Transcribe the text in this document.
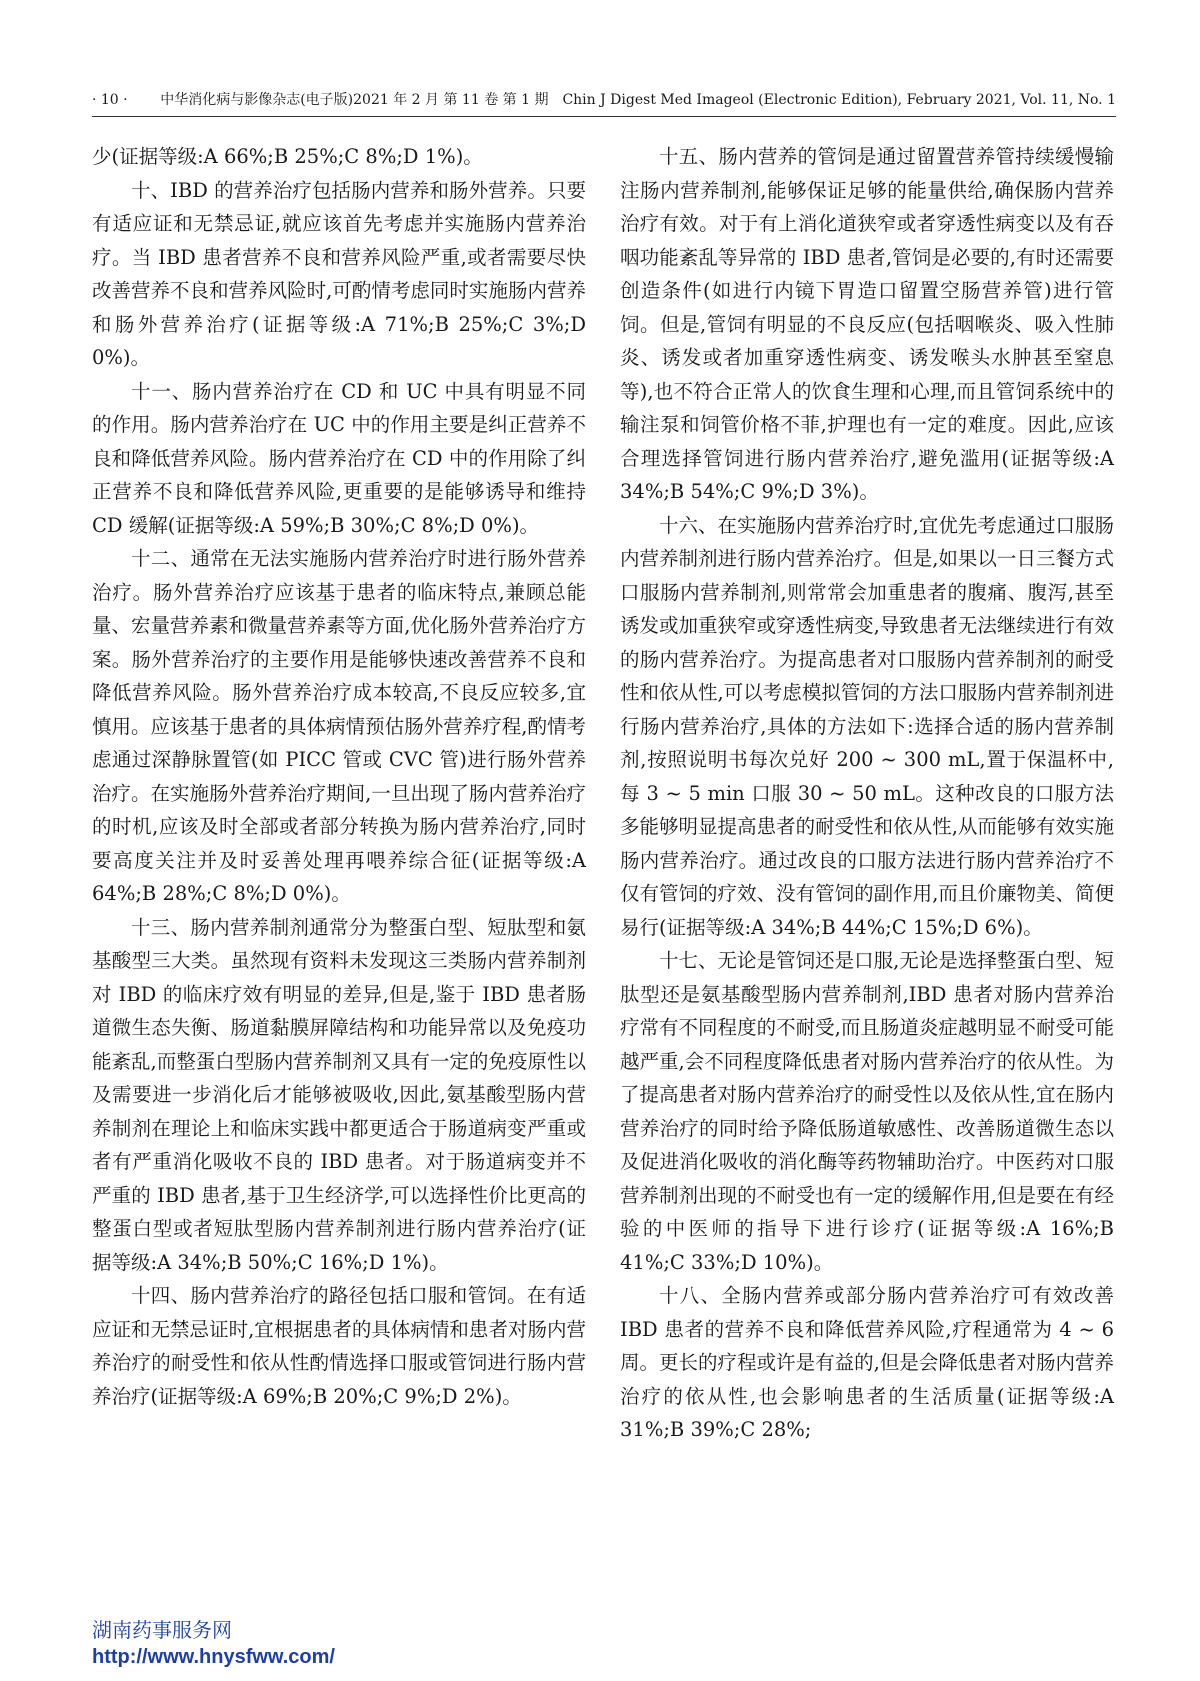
· 10 · 中华消化病与影像杂志(电子版)2021 年 2 月 第 11 卷 第 1 期　Chin J Digest Med Imageol (Electronic Edition), February 2021, Vol. 11, No. 1

少(证据等级:A 66%;B 25%;C 8%;D 1%)。

十、IBD 的营养治疗包括肠内营养和肠外营养。只要有适应证和无禁忌证,就应该首先考虑并实施肠内营养治疗。当 IBD 患者营养不良和营养风险严重,或者需要尽快改善营养不良和营养风险时,可酌情考虑同时实施肠内营养和肠外营养治疗(证据等级:A 71%;B 25%;C 3%;D 0%)。

十一、肠内营养治疗在 CD 和 UC 中具有明显不同的作用。肠内营养治疗在 UC 中的作用主要是纠正营养不良和降低营养风险。肠内营养治疗在 CD 中的作用除了纠正营养不良和降低营养风险,更重要的是能够诱导和维持 CD 缓解(证据等级:A 59%;B 30%;C 8%;D 0%)。

十二、通常在无法实施肠内营养治疗时进行肠外营养治疗。肠外营养治疗应该基于患者的临床特点,兼顾总能量、宏量营养素和微量营养素等方面,优化肠外营养治疗方案。肠外营养治疗的主要作用是能够快速改善营养不良和降低营养风险。肠外营养治疗成本较高,不良反应较多,宜慎用。应该基于患者的具体病情预估肠外营养疗程,酌情考虑通过深静脉置管(如 PICC 管或 CVC 管)进行肠外营养治疗。在实施肠外营养治疗期间,一旦出现了肠内营养治疗的时机,应该及时全部或者部分转换为肠内营养治疗,同时要高度关注并及时妥善处理再喂养综合征(证据等级:A 64%;B 28%;C 8%;D 0%)。

十三、肠内营养制剂通常分为整蛋白型、短肽型和氨基酸型三大类。虽然现有资料未发现这三类肠内营养制剂对 IBD 的临床疗效有明显的差异,但是,鉴于 IBD 患者肠道微生态失衡、肠道黏膜屏障结构和功能异常以及免疫功能紊乱,而整蛋白型肠内营养制剂又具有一定的免疫原性以及需要进一步消化后才能够被吸收,因此,氨基酸型肠内营养制剂在理论上和临床实践中都更适合于肠道病变严重或者有严重消化吸收不良的 IBD 患者。对于肠道病变并不严重的 IBD 患者,基于卫生经济学,可以选择性价比更高的整蛋白型或者短肽型肠内营养制剂进行肠内营养治疗(证据等级:A 34%;B 50%;C 16%;D 1%)。

十四、肠内营养治疗的路径包括口服和管饲。在有适应证和无禁忌证时,宜根据患者的具体病情和患者对肠内营养治疗的耐受性和依从性酌情选择口服或管饲进行肠内营养治疗(证据等级:A 69%;B 20%;C 9%;D 2%)。

十五、肠内营养的管饲是通过留置营养管持续缓慢输注肠内营养制剂,能够保证足够的能量供给,确保肠内营养治疗有效。对于有上消化道狭窄或者穿透性病变以及有吞咽功能紊乱等异常的 IBD 患者,管饲是必要的,有时还需要创造条件(如进行内镜下胃造口留置空肠营养管)进行管饲。但是,管饲有明显的不良反应(包括咽喉炎、吸入性肺炎、诱发或者加重穿透性病变、诱发喉头水肿甚至窒息等),也不符合正常人的饮食生理和心理,而且管饲系统中的输注泵和饲管价格不菲,护理也有一定的难度。因此,应该合理选择管饲进行肠内营养治疗,避免滥用(证据等级:A 34%;B 54%;C 9%;D 3%)。

十六、在实施肠内营养治疗时,宜优先考虑通过口服肠内营养制剂进行肠内营养治疗。但是,如果以一日三餐方式口服肠内营养制剂,则常常会加重患者的腹痛、腹泻,甚至诱发或加重狭窄或穿透性病变,导致患者无法继续进行有效的肠内营养治疗。为提高患者对口服肠内营养制剂的耐受性和依从性,可以考虑模拟管饲的方法口服肠内营养制剂进行肠内营养治疗,具体的方法如下:选择合适的肠内营养制剂,按照说明书每次兑好 200 ~ 300 mL,置于保温杯中,每 3 ~ 5 min 口服 30 ~ 50 mL。这种改良的口服方法多能够明显提高患者的耐受性和依从性,从而能够有效实施肠内营养治疗。通过改良的口服方法进行肠内营养治疗不仅有管饲的疗效、没有管饲的副作用,而且价廉物美、简便易行(证据等级:A 34%;B 44%;C 15%;D 6%)。

十七、无论是管饲还是口服,无论是选择整蛋白型、短肽型还是氨基酸型肠内营养制剂,IBD 患者对肠内营养治疗常有不同程度的不耐受,而且肠道炎症越明显不耐受可能越严重,会不同程度降低患者对肠内营养治疗的依从性。为了提高患者对肠内营养治疗的耐受性以及依从性,宜在肠内营养治疗的同时给予降低肠道敏感性、改善肠道微生态以及促进消化吸收的消化酶等药物辅助治疗。中医药对口服营养制剂出现的不耐受也有一定的缓解作用,但是要在有经验的中医师的指导下进行诊疗(证据等级:A 16%;B 41%;C 33%;D 10%)。

十八、全肠内营养或部分肠内营养治疗可有效改善 IBD 患者的营养不良和降低营养风险,疗程通常为 4 ~ 6 周。更长的疗程或许是有益的,但是会降低患者对肠内营养治疗的依从性,也会影响患者的生活质量(证据等级:A 31%;B 39%;C 28%;

湖南药事服务网
http://www.hnysfww.com/
